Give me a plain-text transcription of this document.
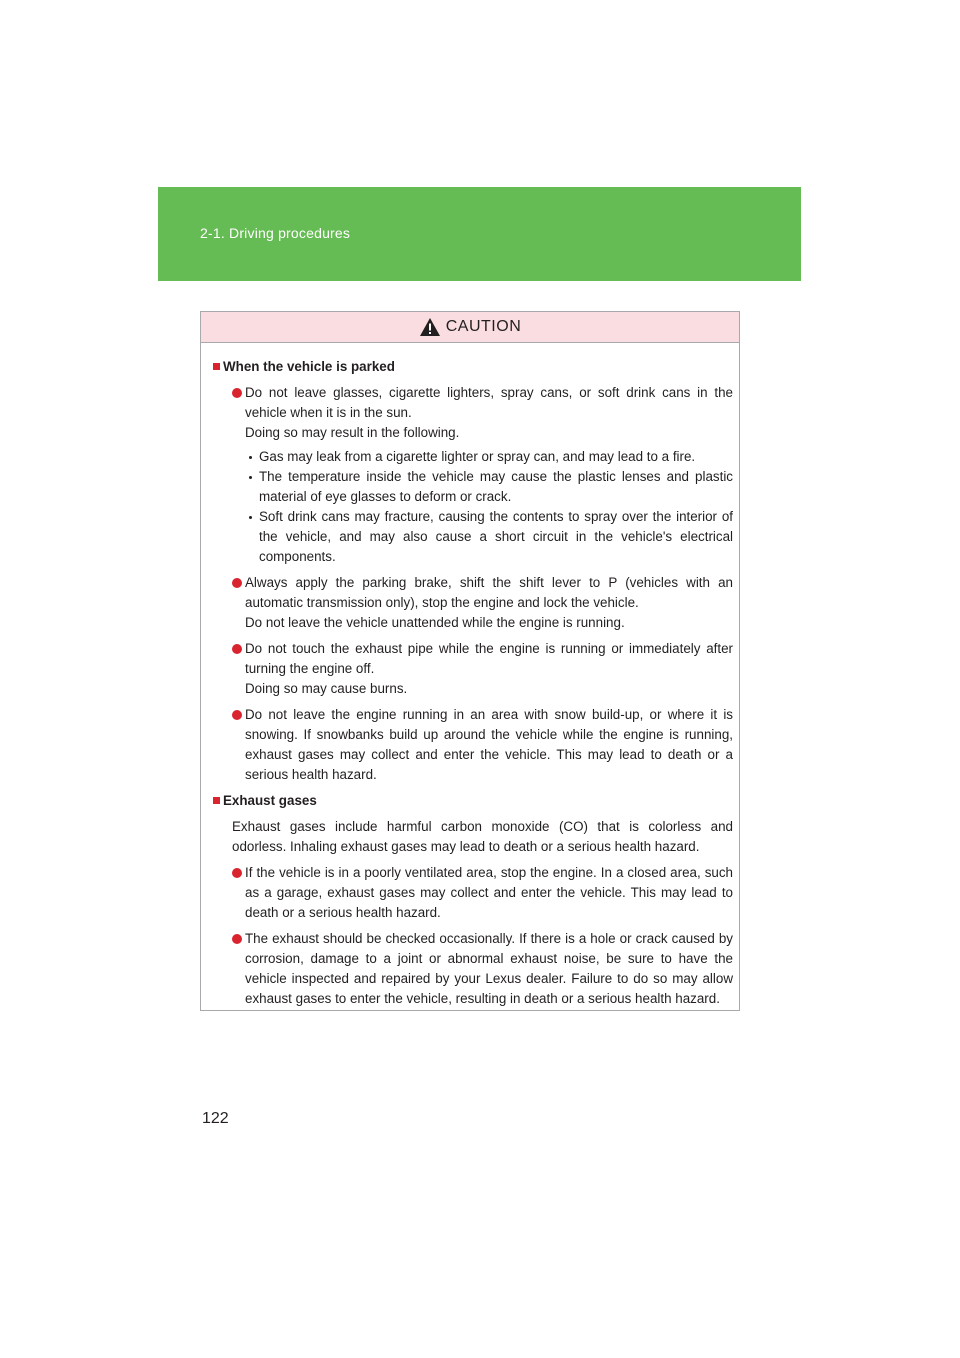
2-1. Driving procedures
CAUTION
When the vehicle is parked
Do not leave glasses, cigarette lighters, spray cans, or soft drink cans in the vehicle when it is in the sun.
Doing so may result in the following.
Gas may leak from a cigarette lighter or spray can, and may lead to a fire.
The temperature inside the vehicle may cause the plastic lenses and plastic material of eye glasses to deform or crack.
Soft drink cans may fracture, causing the contents to spray over the interior of the vehicle, and may also cause a short circuit in the vehicle's electrical components.
Always apply the parking brake, shift the shift lever to P (vehicles with an automatic transmission only), stop the engine and lock the vehicle.
Do not leave the vehicle unattended while the engine is running.
Do not touch the exhaust pipe while the engine is running or immediately after turning the engine off.
Doing so may cause burns.
Do not leave the engine running in an area with snow build-up, or where it is snowing. If snowbanks build up around the vehicle while the engine is running, exhaust gases may collect and enter the vehicle. This may lead to death or a serious health hazard.
Exhaust gases
Exhaust gases include harmful carbon monoxide (CO) that is colorless and odorless. Inhaling exhaust gases may lead to death or a serious health hazard.
If the vehicle is in a poorly ventilated area, stop the engine. In a closed area, such as a garage, exhaust gases may collect and enter the vehicle. This may lead to death or a serious health hazard.
The exhaust should be checked occasionally. If there is a hole or crack caused by corrosion, damage to a joint or abnormal exhaust noise, be sure to have the vehicle inspected and repaired by your Lexus dealer. Failure to do so may allow exhaust gases to enter the vehicle, resulting in death or a serious health hazard.
122
